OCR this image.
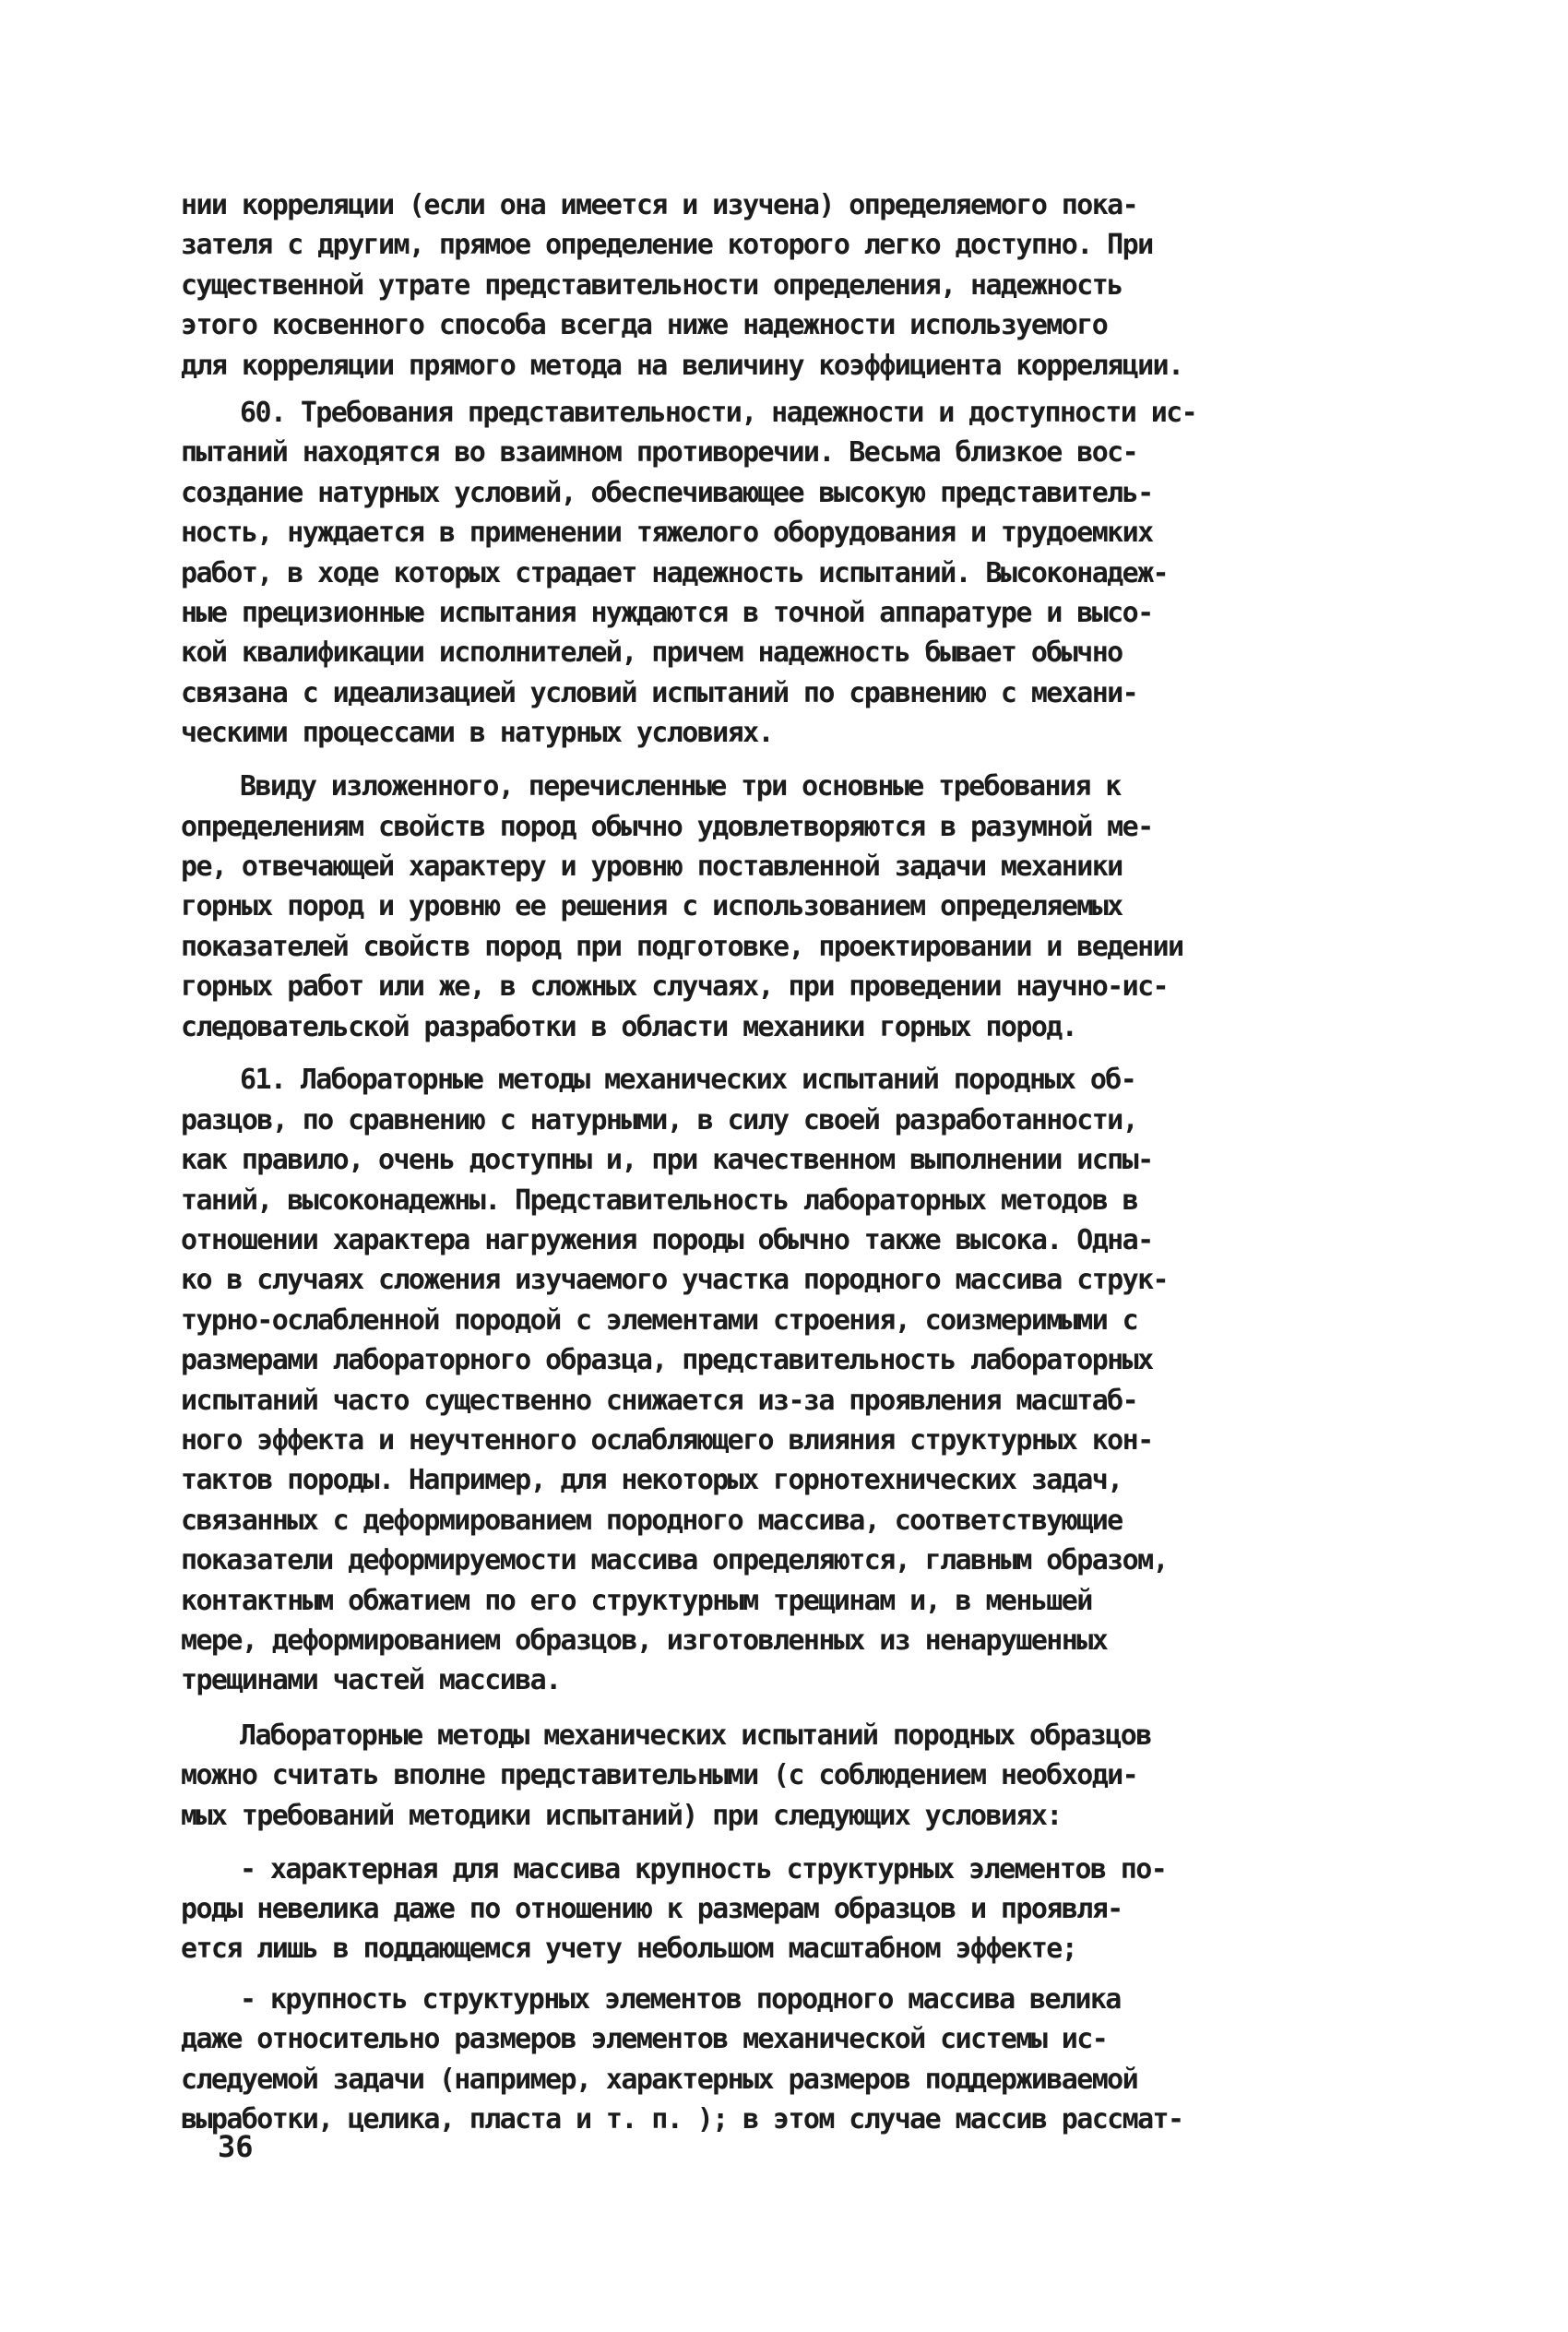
нии корреляции (если она имеется и изучена) определяемого пока-
зателя с другим, прямое определение которого легко доступно. При
существенной утрате представительности определения, надежность
этого косвенного способа всегда ниже надежности используемого
для корреляции прямого метода на величину коэффициента корреляции.
60. Требования представительности, надежности и доступности ис-
пытаний находятся во взаимном противоречии. Весьма близкое вос-
создание натурных условий, обеспечивающее высокую представитель-
ность, нуждается в применении тяжелого оборудования и трудоемких
работ, в ходе которых страдает надежность испытаний. Высоконадеж-
ные прецизионные испытания нуждаются в точной аппаратуре и высо-
кой квалификации исполнителей, причем надежность бывает обычно
связана с идеализацией условий испытаний по сравнению с механи-
ческими процессами в натурных условиях.
Ввиду изложенного, перечисленные три основные требования к
определениям свойств пород обычно удовлетворяются в разумной ме-
ре, отвечающей характеру и уровню поставленной задачи механики
горных пород и уровню ее решения с использованием определяемых
показателей свойств пород при подготовке, проектировании и ведении
горных работ или же, в сложных случаях, при проведении научно-ис-
следовательской разработки в области механики горных пород.
61. Лабораторные методы механических испытаний породных об-
разцов, по сравнению с натурными, в силу своей разработанности,
как правило, очень доступны и, при качественном выполнении испы-
таний, высоконадежны. Представительность лабораторных методов в
отношении характера нагружения породы обычно также высока. Одна-
ко в случаях сложения изучаемого участка породного массива струк-
турно-ослабленной породой с элементами строения, соизмеримыми с
размерами лабораторного образца, представительность лабораторных
испытаний часто существенно снижается из-за проявления масштаб-
ного эффекта и неучтенного ослабляющего влияния структурных кон-
тактов породы. Например, для некоторых горнотехнических задач,
связанных с деформированием породного массива, соответствующие
показатели деформируемости массива определяются, главным образом,
контактным обжатием по его структурным трещинам и, в меньшей
мере, деформированием образцов, изготовленных из ненарушенных
трещинами частей массива.
Лабораторные методы механических испытаний породных образцов
можно считать вполне представительными (с соблюдением необходи-
мых требований методики испытаний) при следующих условиях:
- характерная для массива крупность структурных элементов по-
роды невелика даже по отношению к размерам образцов и проявля-
ется лишь в поддающемся учету небольшом масштабном эффекте;
- крупность структурных элементов породного массива велика
даже относительно размеров элементов механической системы ис-
следуемой задачи (например, характерных размеров поддерживаемой
выработки, целика, пласта и т. п. ); в этом случае массив рассмат-
36
